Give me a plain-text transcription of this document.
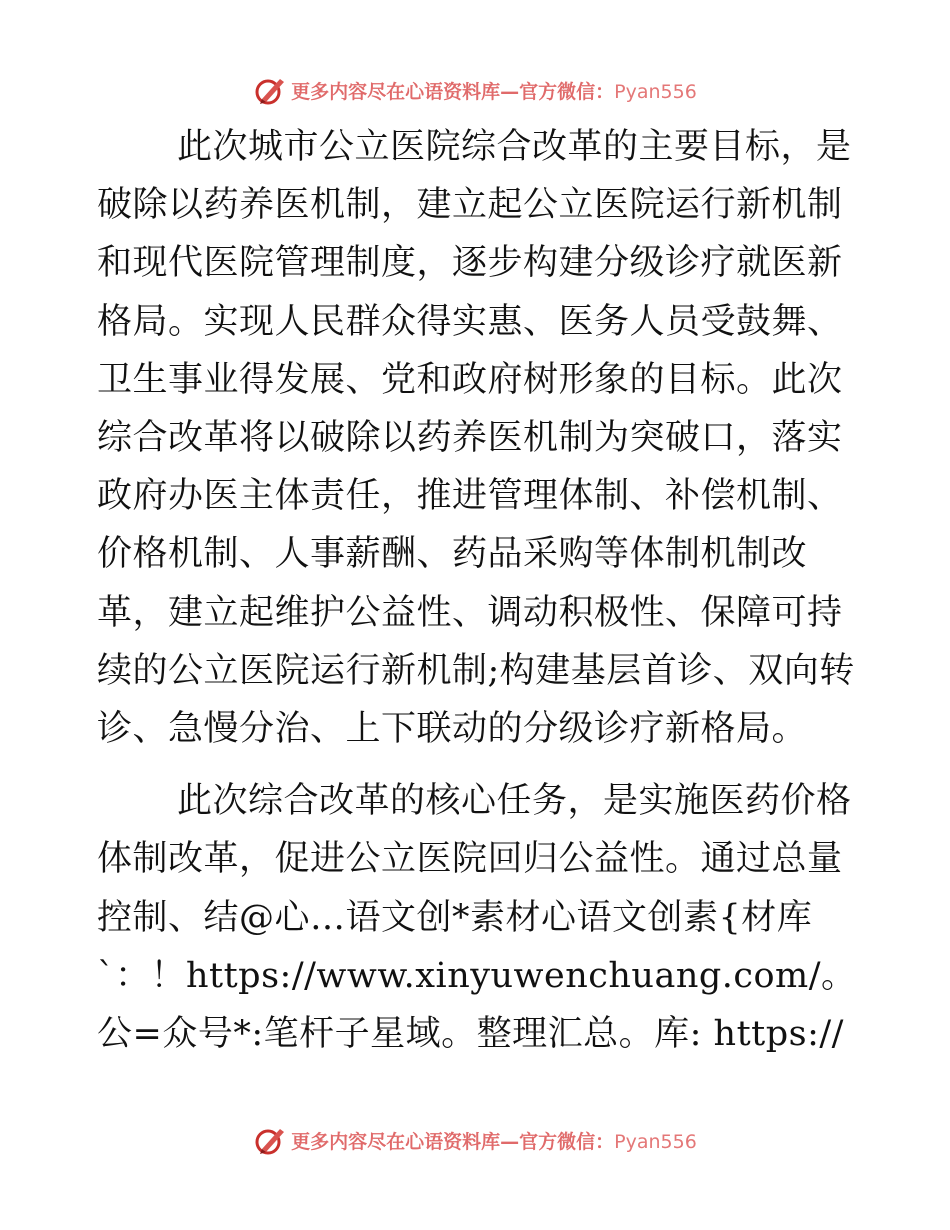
更多内容尽在心语资料库—官方微信：Pyan556

此次城市公立医院综合改革的主要目标，是破除以药养医机制，建立起公立医院运行新机制和现代医院管理制度，逐步构建分级诊疗就医新格局。实现人民群众得实惠、医务人员受鼓舞、卫生事业得发展、党和政府树形象的目标。此次综合改革将以破除以药养医机制为突破口，落实政府办医主体责任，推进管理体制、补偿机制、价格机制、人事薪酬、药品采购等体制机制改革，建立起维护公益性、调动积极性、保障可持续的公立医院运行新机制;构建基层首诊、双向转诊、急慢分治、上下联动的分级诊疗新格局。

此次综合改革的核心任务，是实施医药价格体制改革，促进公立医院回归公益性。通过总量控制、结@心…语文创*素材心语文创素{材库`：！https://www.xinyuwenchuang.com/。公=众号*:笔杆子星域。整理汇总。库: https://

更多内容尽在心语资料库—官方微信：Pyan556
